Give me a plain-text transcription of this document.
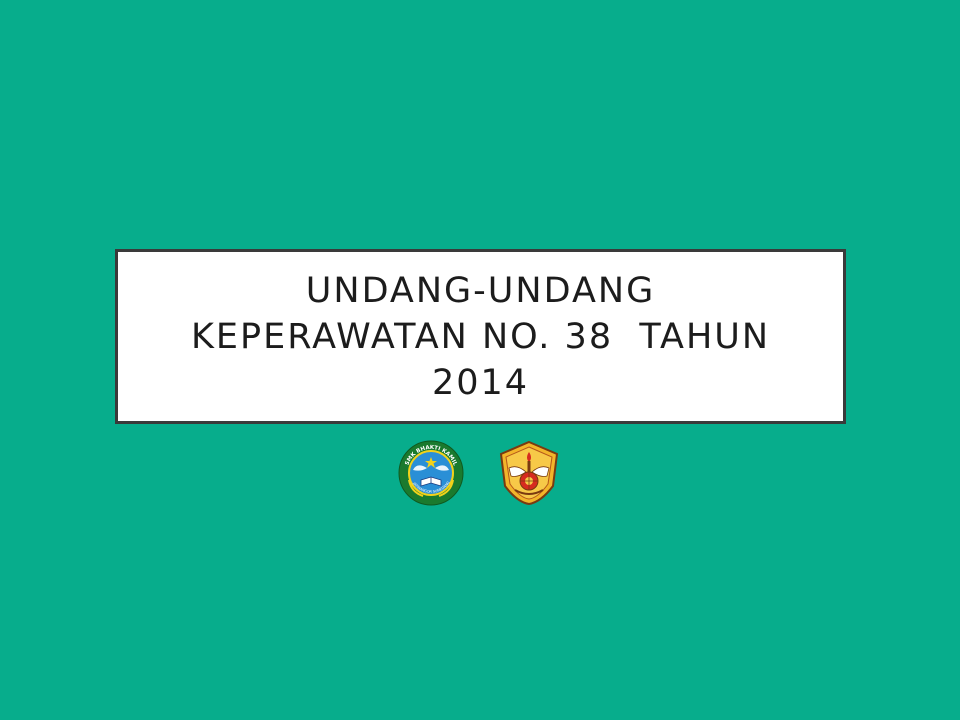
UNDANG-UNDANG
KEPERAWATAN NO. 38  TAHUN
2014
SMK BHAKTI KAMIL
JATINANGOR SUMEDANG
